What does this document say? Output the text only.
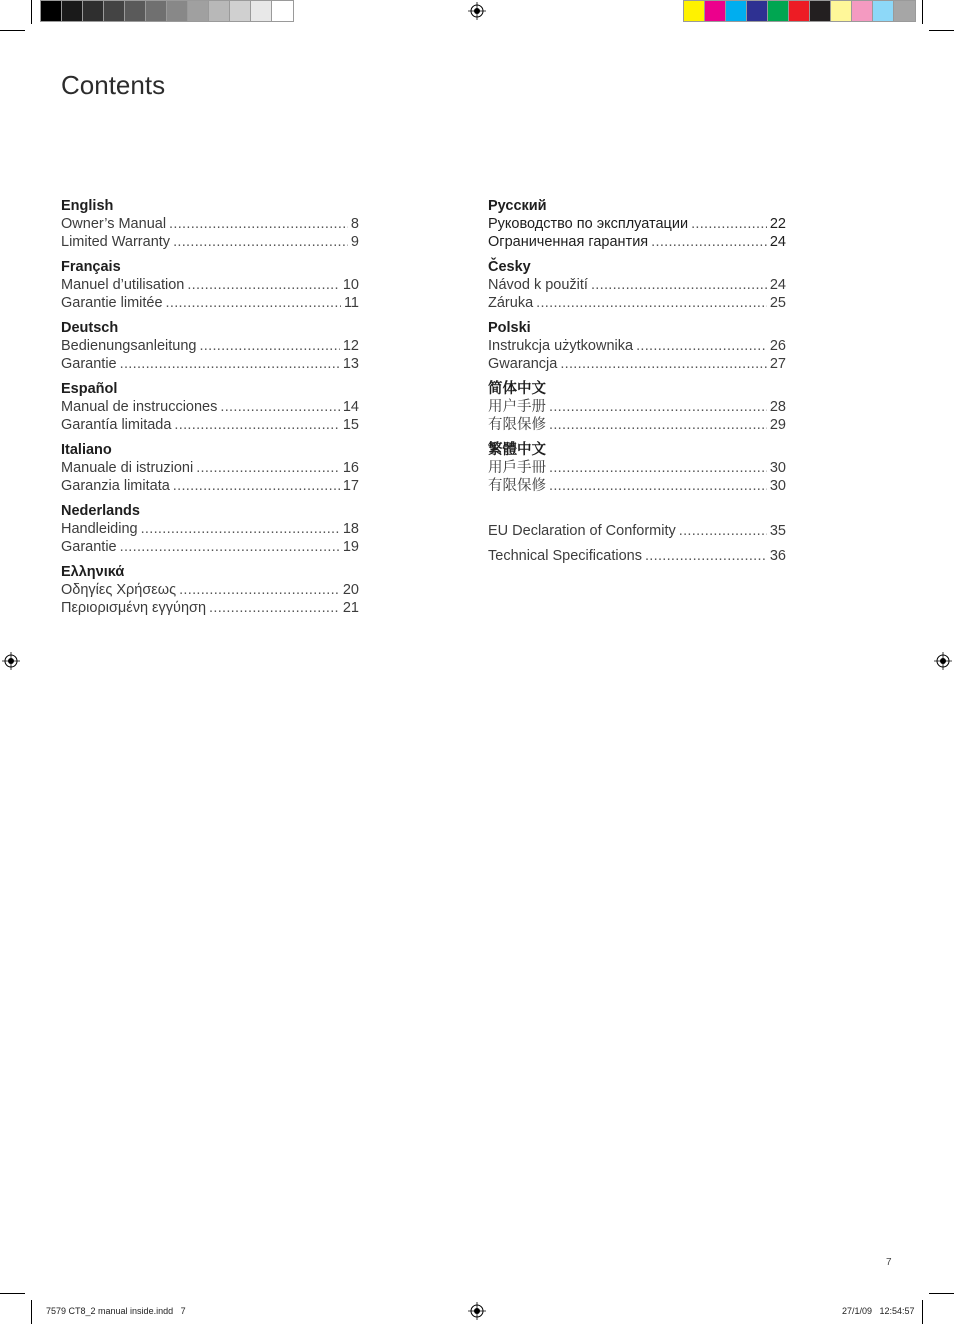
Contents
English
Owner’s Manual .....	8
Limited Warranty .....	9
Français
Manuel d’utilisation .....	10
Garantie limitée .....	11
Deutsch
Bedienungsanleitung .....	12
Garantie .....	13
Español
Manual de instrucciones .....	14
Garantía limitada .....	15
Italiano
Manuale di istruzioni .....	16
Garanzia limitata .....	17
Nederlands
Handleiding .....	18
Garantie .....	19
Ελληνικά
Οδηγίες Χρήσεως .....	20
Περιορισμένη εγγύηση .....	21
Русский
Руководство по эксплуатации .....	22
Ограниченная гарантия .....	24
Česky
Návod k použití .....	24
Záruka .....	25
Polski
Instrukcja użytkownika .....	26
Gwarancja .....	27
简体中文
用户手册 .....	28
有限保修 .....	29
繁體中文
用戶手冊 .....	30
有限保修 .....	30
EU Declaration of Conformity .....	35
Technical Specifications .....	36
7
7579 CT8_2 manual inside.indd   7	27/1/09   12:54:57
